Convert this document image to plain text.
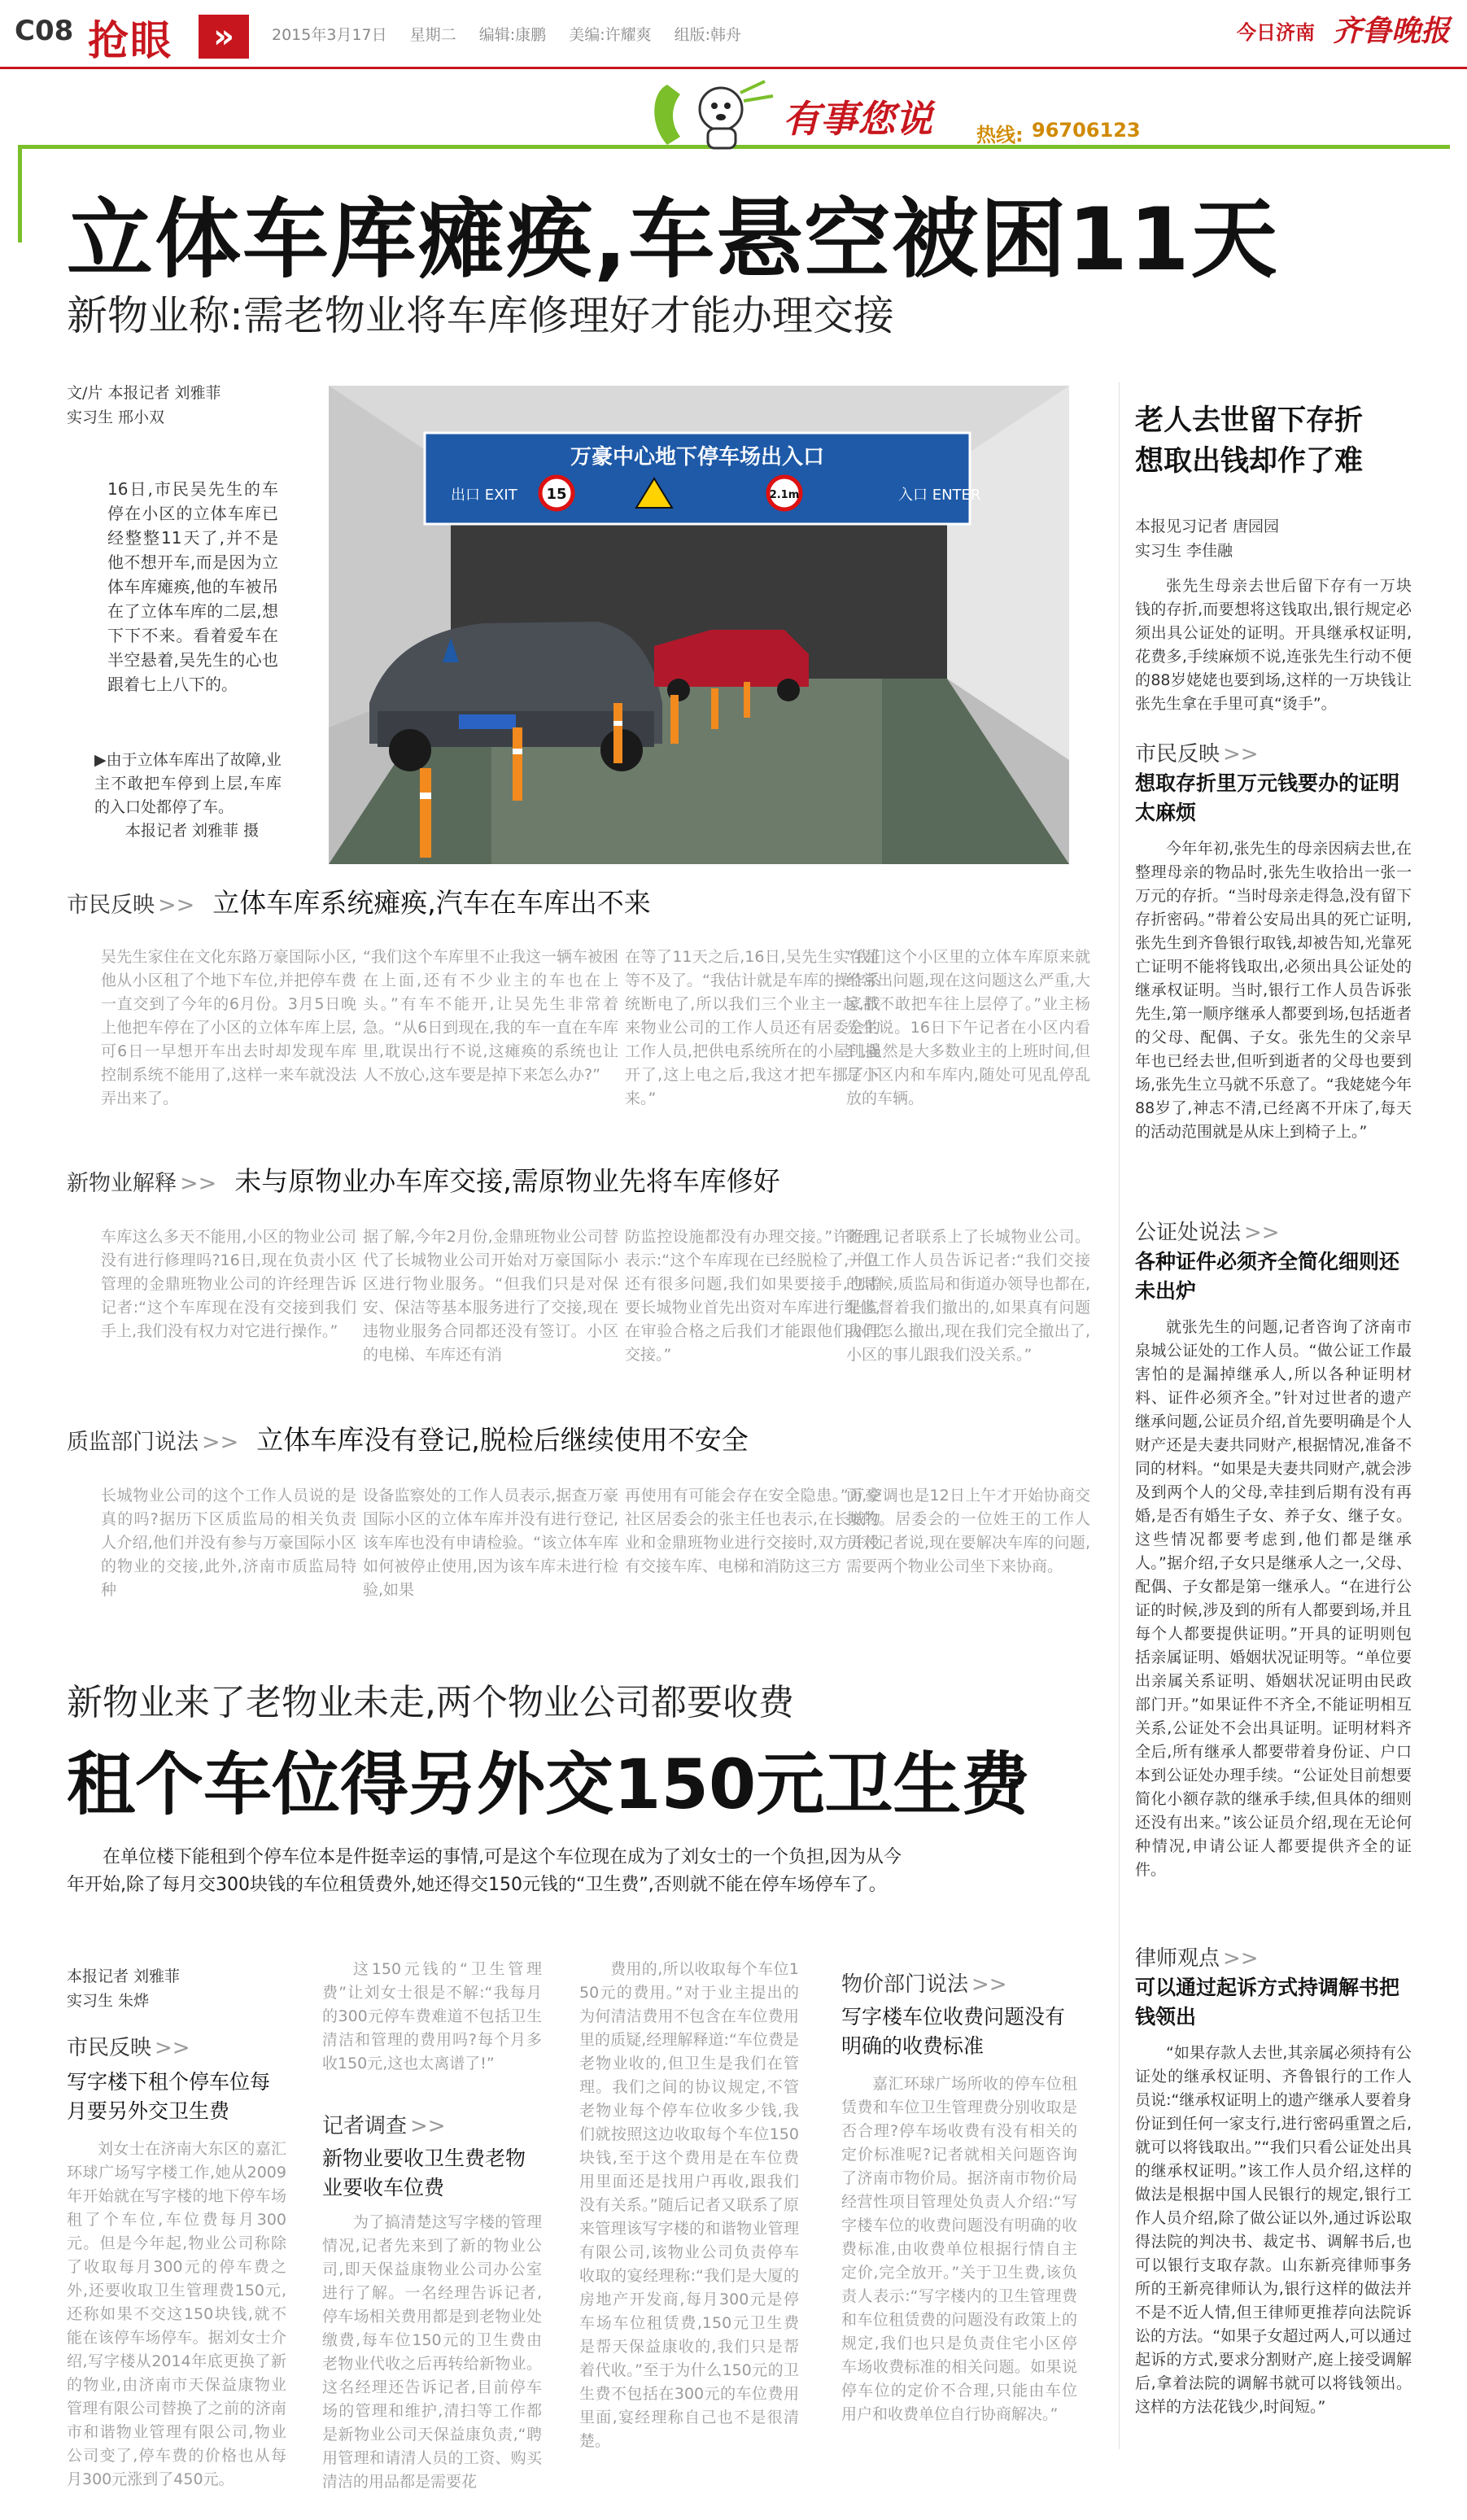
C08 抢眼	»	2015年3月17日 星期二 编辑:康鹏 美编:许耀爽 组版:韩舟	今日济南 齐鲁晚报
有事您说 热线: 96706123
立体车库瘫痪,车悬空被困11天
新物业称:需老物业将车库修理好才能办理交接
文/片 本报记者 刘雅菲
实习生 邢小双
16日,市民吴先生的车停在小区的立体车库已经整整11天了,并不是他不想开车,而是因为立体车库瘫痪,他的车被吊在了立体车库的二层,想下下不来。看着爱车在半空悬着,吴先生的心也跟着七上八下的。
▶由于立体车库出了故障,业主不敢把车停到上层,车库的入口处都停了车。
本报记者 刘雅菲 摄
万豪中心地下停车场出入口
出口 EXIT	入口 ENTER
15	2.1m
市民反映 >> 立体车库系统瘫痪,汽车在车库出不来
吴先生家住在文化东路万豪国际小区,他从小区租了个地下车位,并把停车费一直交到了今年的6月份。3月5日晚上他把车停在了小区的立体车库上层,可6日一早想开车出去时却发现车库控制系统不能用了,这样一来车就没法弄出来了。
“我们这个车库里不止我这一辆车被困在上面,还有不少业主的车也在上头。”有车不能开,让吴先生非常着急。“从6日到现在,我的车一直在车库里,耽误出行不说,这瘫痪的系统也让人不放心,这车要是掉下来怎么办?”
在等了11天之后,16日,吴先生实在是等不及了。“我估计就是车库的操作系统断电了,所以我们三个业主一起,找来物业公司的工作人员还有居委会的工作人员,把供电系统所在的小屋门撬开了,这上电之后,我这才把车挪了下来。”
“我们这个小区里的立体车库原来就经常出问题,现在这问题这么严重,大家都不敢把车往上层停了。”业主杨先生说。16日下午记者在小区内看到,虽然是大多数业主的上班时间,但是小区内和车库内,随处可见乱停乱放的车辆。
新物业解释 >> 未与原物业办车库交接,需原物业先将车库修好
车库这么多天不能用,小区的物业公司没有进行修理吗?16日,现在负责小区管理的金鼎班物业公司的许经理告诉记者:“这个车库现在没有交接到我们手上,我们没有权力对它进行操作。”
据了解,今年2月份,金鼎班物业公司替代了长城物业公司开始对万豪国际小区进行物业服务。“但我们只是对保安、保洁等基本服务进行了交接,现在违物业服务合同都还没有签订。小区的电梯、车库还有消
防监控设施都没有办理交接。”许经理表示:“这个车库现在已经脱检了,并且还有很多问题,我们如果要接手,也需要长城物业首先出资对车库进行维修,在审验合格之后我们才能跟他们办理交接。”
随后,记者联系上了长城物业公司。一位工作人员告诉记者:“我们交接的时候,质监局和街道办领导也都在,是监督着我们撤出的,如果真有问题我们怎么撤出,现在我们完全撤出了,小区的事儿跟我们没关系。”
质监部门说法 >> 立体车库没有登记,脱检后继续使用不安全
长城物业公司的这个工作人员说的是真的吗?据历下区质监局的相关负责人介绍,他们并没有参与万豪国际小区的物业的交接,此外,济南市质监局特种
设备监察处的工作人员表示,据查万豪国际小区的立体车库并没有进行登记,该车库也没有申请检验。“该立体车库如何被停止使用,因为该车库未进行检验,如果
再使用有可能会存在安全隐患。”万豪社区居委会的张主任也表示,在长城物业和金鼎班物业进行交接时,双方并没有交接车库、电梯和消防这三方
面,空调也是12日上午才开始协商交接的。居委会的一位姓王的工作人员对记者说,现在要解决车库的问题,需要两个物业公司坐下来协商。
新物业来了老物业未走,两个物业公司都要收费
租个车位得另外交150元卫生费
在单位楼下能租到个停车位本是件挺幸运的事情,可是这个车位现在成为了刘女士的一个负担,因为从今年开始,除了每月交300块钱的车位租赁费外,她还得交150元钱的“卫生费”,否则就不能在停车场停车了。
本报记者 刘雅菲
实习生 朱烨
市民反映 >>
写字楼下租个停车位每月要另外交卫生费
刘女士在济南大东区的嘉汇环球广场写字楼工作,她从2009年开始就在写字楼的地下停车场租了个车位,车位费每月300元。但是今年起,物业公司称除了收取每月300元的停车费之外,还要收取卫生管理费150元,还称如果不交这150块钱,就不能在该停车场停车。据刘女士介绍,写字楼从2014年底更换了新的物业,由济南市天保益康物业管理有限公司替换了之前的济南市和谐物业管理有限公司,物业公司变了,停车费的价格也从每月300元涨到了450元。
这150元钱的“卫生管理费”让刘女士很是不解:“我每月的300元停车费难道不包括卫生清洁和管理的费用吗?每个月多收150元,这也太离谱了!”
记者调查 >>
新物业要收卫生费老物业要收车位费
为了搞清楚这写字楼的管理情况,记者先来到了新的物业公司,即天保益康物业公司办公室进行了解。一名经理告诉记者,停车场相关费用都是到老物业处缴费,每车位150元的卫生费由老物业代收之后再转给新物业。这名经理还告诉记者,目前停车场的管理和维护,清扫等工作都是新物业公司天保益康负责,“聘用管理和请清人员的工资、购买清洁的用品都是需要花
费用的,所以收取每个车位150元的费用。”对于业主提出的为何清洁费用不包含在车位费用里的质疑,经理解释道:“车位费是老物业收的,但卫生是我们在管理。我们之间的协议规定,不管老物业每个停车位收多少钱,我们就按照这边收取每个车位150块钱,至于这个费用是在车位费用里面还是找用户再收,跟我们没有关系。”随后记者又联系了原来管理该写字楼的和谐物业管理有限公司,该物业公司负责停车收取的宴经理称:“我们是大厦的房地产开发商,每月300元是停车场车位租赁费,150元卫生费是帮天保益康收的,我们只是帮着代收。”至于为什么150元的卫生费不包括在300元的车位费用里面,宴经理称自己也不是很清楚。
物价部门说法 >>
写字楼车位收费问题没有明确的收费标准
嘉汇环球广场所收的停车位租赁费和车位卫生管理费分别收取是否合理?停车场收费有没有相关的定价标准呢?记者就相关问题咨询了济南市物价局。据济南市物价局经营性项目管理处负责人介绍:“写字楼车位的收费问题没有明确的收费标准,由收费单位根据行情自主定价,完全放开。”关于卫生费,该负责人表示:“写字楼内的卫生管理费和车位租赁费的问题没有政策上的规定,我们也只是负责住宅小区停车场收费标准的相关问题。如果说停车位的定价不合理,只能由车位用户和收费单位自行协商解决。”
老人去世留下存折
想取出钱却作了难
本报见习记者 唐园园
实习生 李佳融
张先生母亲去世后留下存有一万块钱的存折,而要想将这钱取出,银行规定必须出具公证处的证明。开具继承权证明,花费多,手续麻烦不说,连张先生行动不便的88岁姥姥也要到场,这样的一万块钱让张先生拿在手里可真“烫手”。
市民反映 >>
想取存折里万元钱要办的证明太麻烦
今年年初,张先生的母亲因病去世,在整理母亲的物品时,张先生收拾出一张一万元的存折。“当时母亲走得急,没有留下存折密码。”带着公安局出具的死亡证明,张先生到齐鲁银行取钱,却被告知,光靠死亡证明不能将钱取出,必须出具公证处的继承权证明。当时,银行工作人员告诉张先生,第一顺序继承人都要到场,包括逝者的父母、配偶、子女。张先生的父亲早年也已经去世,但听到逝者的父母也要到场,张先生立马就不乐意了。“我姥姥今年88岁了,神志不清,已经离不开床了,每天的活动范围就是从床上到椅子上。”
公证处说法 >>
各种证件必须齐全简化细则还未出炉
就张先生的问题,记者咨询了济南市泉城公证处的工作人员。“做公证工作最害怕的是漏掉继承人,所以各种证明材料、证件必须齐全。”针对过世者的遗产继承问题,公证员介绍,首先要明确是个人财产还是夫妻共同财产,根据情况,准备不同的材料。“如果是夫妻共同财产,就会涉及到两个人的父母,幸挂到后期有没有再婚,是否有婚生子女、养子女、继子女。这些情况都要考虑到,他们都是继承人。”据介绍,子女只是继承人之一,父母、配偶、子女都是第一继承人。“在进行公证的时候,涉及到的所有人都要到场,并且每个人都要提供证明。”开具的证明则包括亲属证明、婚姻状况证明等。“单位要出亲属关系证明、婚姻状况证明由民政部门开。”如果证件不齐全,不能证明相互关系,公证处不会出具证明。证明材料齐全后,所有继承人都要带着身份证、户口本到公证处办理手续。“公证处目前想要简化小额存款的继承手续,但具体的细则还没有出来。”该公证员介绍,现在无论何种情况,申请公证人都要提供齐全的证件。
律师观点 >>
可以通过起诉方式持调解书把钱领出
“如果存款人去世,其亲属必须持有公证处的继承权证明、齐鲁银行的工作人员说:“继承权证明上的遗产继承人要着身份证到任何一家支行,进行密码重置之后,就可以将钱取出。”“我们只看公证处出具的继承权证明。”该工作人员介绍,这样的做法是根据中国人民银行的规定,银行工作人员介绍,除了做公证以外,通过诉讼取得法院的判决书、裁定书、调解书后,也可以银行支取存款。山东新亮律师事务所的王新亮律师认为,银行这样的做法并不是不近人情,但王律师更推荐向法院诉讼的方法。“如果子女超过两人,可以通过起诉的方式,要求分割财产,庭上接受调解后,拿着法院的调解书就可以将钱领出。这样的方法花钱少,时间短。”
